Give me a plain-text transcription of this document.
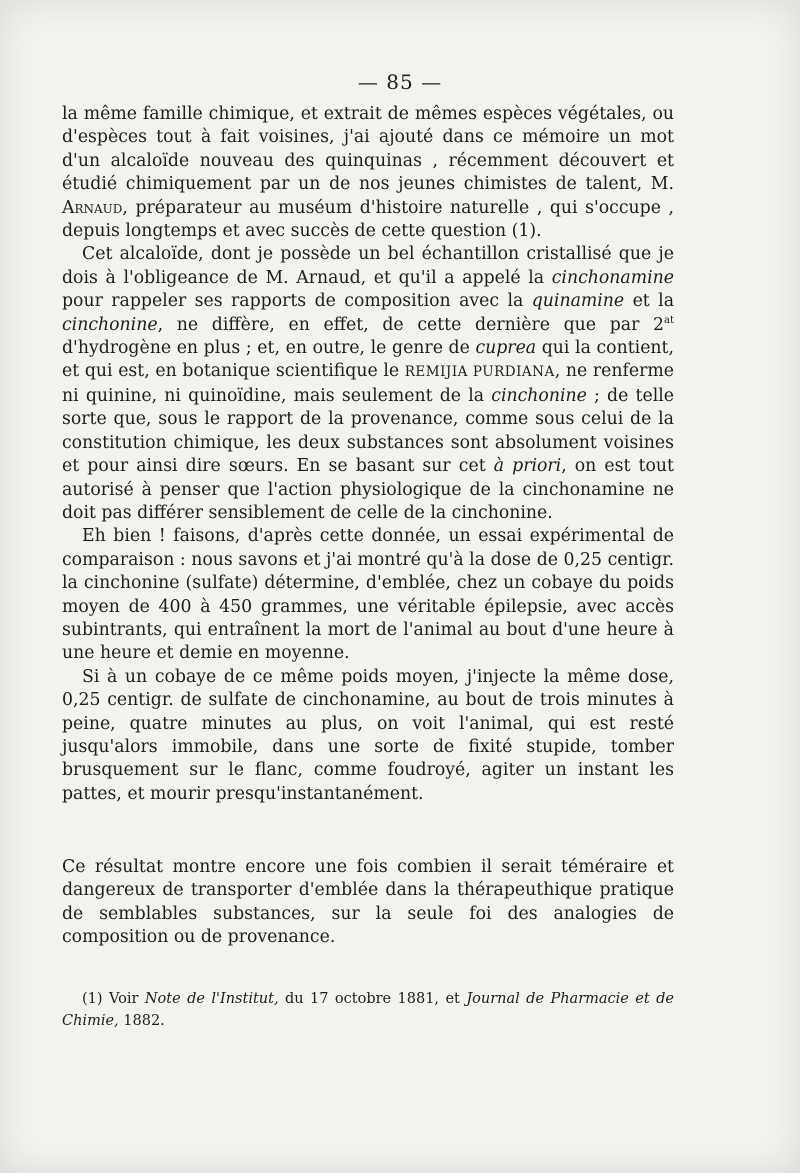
— 85 —

la même famille chimique, et extrait de mêmes espèces végétales, ou d'espèces tout à fait voisines, j'ai ajouté dans ce mémoire un mot d'un alcaloïde nouveau des quinquinas , récemment découvert et étudié chimiquement par un de nos jeunes chimistes de talent, M. Arnaud, préparateur au muséum d'histoire naturelle , qui s'occupe , depuis longtemps et avec succès de cette question (1).

Cet alcaloïde, dont je possède un bel échantillon cristallisé que je dois à l'obligeance de M. Arnaud, et qu'il a appelé la cinchonamine pour rappeler ses rapports de composition avec la quinamine et la cinchonine, ne diffère, en effet, de cette dernière que par $2^{at}$ d'hydrogène en plus ; et, en outre, le genre de cuprea qui la contient, et qui est, en botanique scientifique le REMIJIA PURDIANA, ne renferme ni quinine, ni quinoïdine, mais seulement de la cinchonine ; de telle sorte que, sous le rapport de la provenance, comme sous celui de la constitution chimique, les deux substances sont absolument voisines et pour ainsi dire sœurs. En se basant sur cet à priori, on est tout autorisé à penser que l'action physiologique de la cinchonamine ne doit pas différer sensiblement de celle de la cinchonine.

Eh bien ! faisons, d'après cette donnée, un essai expérimental de comparaison : nous savons et j'ai montré qu'à la dose de 0,25 centigr. la cinchonine (sulfate) détermine, d'emblée, chez un cobaye du poids moyen de 400 à 450 grammes, une véritable épilepsie, avec accès subintrants, qui entraînent la mort de l'animal au bout d'une heure à une heure et demie en moyenne.

Si à un cobaye de ce même poids moyen, j'injecte la même dose, 0,25 centigr. de sulfate de cinchonamine, au bout de trois minutes à peine, quatre minutes au plus, on voit l'animal, qui est resté jusqu'alors immobile, dans une sorte de fixité stupide, tomber brusquement sur le flanc, comme foudroyé, agiter un instant les pattes, et mourir presqu'instantanément.

Ce résultat montre encore une fois combien il serait téméraire et dangereux de transporter d'emblée dans la thérapeuthique pratique de semblables substances, sur la seule foi des analogies de composition ou de provenance.

(1) Voir Note de l'Institut, du 17 octobre 1881, et Journal de Pharmacie et de Chimie, 1882.
